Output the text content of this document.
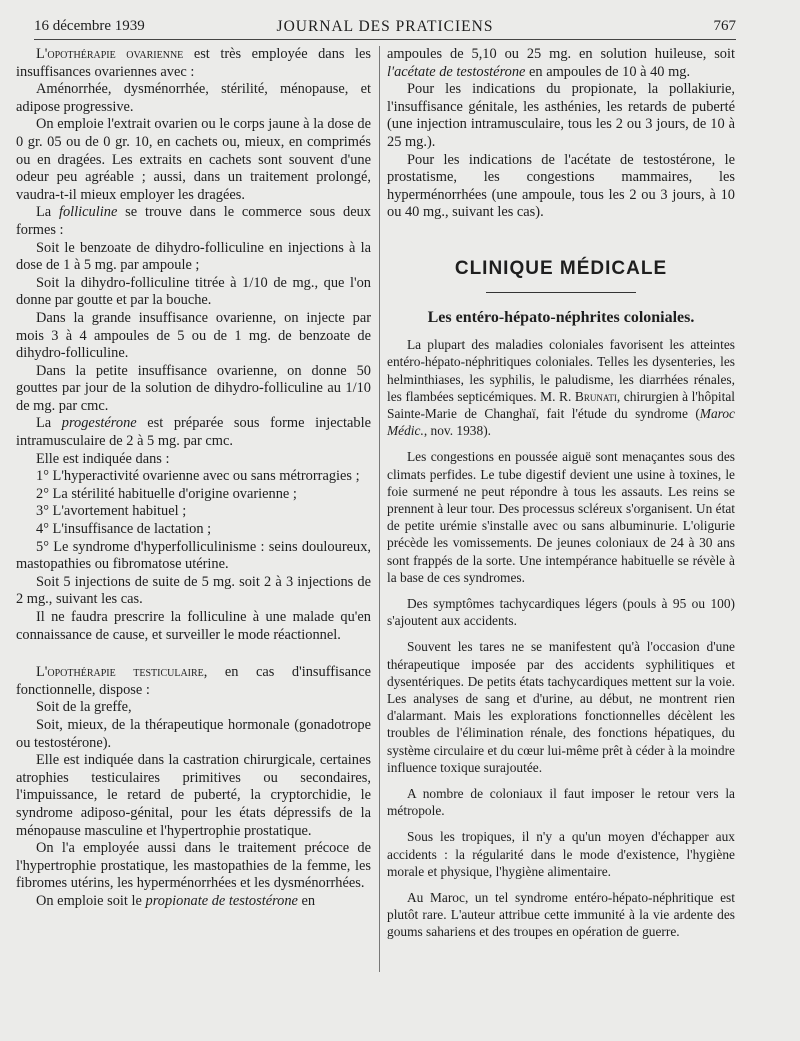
16 décembre 1939	JOURNAL DES PRATICIENS	767

L'opothérapie ovarienne est très employée dans les insuffisances ovariennes avec :

Aménorrhée, dysménorrhée, stérilité, ménopause, et adipose progressive.

On emploie l'extrait ovarien ou le corps jaune à la dose de 0 gr. 05 ou de 0 gr. 10, en cachets ou, mieux, en comprimés ou en dragées. Les extraits en cachets sont souvent d'une odeur peu agréable ; aussi, dans un traitement prolongé, vaudra-t-il mieux employer les dragées.

La folliculine se trouve dans le commerce sous deux formes :

Soit le benzoate de dihydro-folliculine en injections à la dose de 1 à 5 mg. par ampoule ;

Soit la dihydro-folliculine titrée à 1/10 de mg., que l'on donne par goutte et par la bouche.

Dans la grande insuffisance ovarienne, on injecte par mois 3 à 4 ampoules de 5 ou de 1 mg. de benzoate de dihydro-folliculine.

Dans la petite insuffisance ovarienne, on donne 50 gouttes par jour de la solution de dihydro-folliculine au 1/10 de mg. par cmc.

La progestérone est préparée sous forme injectable intramusculaire de 2 à 5 mg. par cmc.

Elle est indiquée dans :

1° L'hyperactivité ovarienne avec ou sans métrorragies ;

2° La stérilité habituelle d'origine ovarienne ;

3° L'avortement habituel ;

4° L'insuffisance de lactation ;

5° Le syndrome d'hyperfolliculinisme : seins douloureux, mastopathies ou fibromatose utérine.

Soit 5 injections de suite de 5 mg. soit 2 à 3 injections de 2 mg., suivant les cas.

Il ne faudra prescrire la folliculine à une malade qu'en connaissance de cause, et surveiller le mode réactionnel.

L'opothérapie testiculaire, en cas d'insuffisance fonctionnelle, dispose :

Soit de la greffe,

Soit, mieux, de la thérapeutique hormonale (gonadotrope ou testostérone).

Elle est indiquée dans la castration chirurgicale, certaines atrophies testiculaires primitives ou secondaires, l'impuissance, le retard de puberté, la cryptorchidie, le syndrome adiposo-génital, pour les états dépressifs de la ménopause masculine et l'hypertrophie prostatique.

On l'a employée aussi dans le traitement précoce de l'hypertrophie prostatique, les mastopathies de la femme, les fibromes utérins, les hyperménorrhées et les dysménorrhées.

On emploie soit le propionate de testostérone en

ampoules de 5,10 ou 25 mg. en solution huileuse, soit l'acétate de testostérone en ampoules de 10 à 40 mg.

Pour les indications du propionate, la pollakiurie, l'insuffisance génitale, les asthénies, les retards de puberté (une injection intramusculaire, tous les 2 ou 3 jours, de 10 à 25 mg.).

Pour les indications de l'acétate de testostérone, le prostatisme, les congestions mammaires, les hyperménorrhées (une ampoule, tous les 2 ou 3 jours, à 10 ou 40 mg., suivant les cas).

CLINIQUE MÉDICALE
Les entéro-hépato-néphrites coloniales.

La plupart des maladies coloniales favorisent les atteintes entéro-hépato-néphritiques coloniales. Telles les dysenteries, les helminthiases, les syphilis, le paludisme, les diarrhées rénales, les flambées septicémiques. M. R. Brunati, chirurgien à l'hôpital Sainte-Marie de Changhaï, fait l'étude du syndrome (Maroc Médic., nov. 1938).

Les congestions en poussée aiguë sont menaçantes sous des climats perfides. Le tube digestif devient une usine à toxines, le foie surmené ne peut répondre à tous les assauts. Les reins se prennent à leur tour. Des processus scléreux s'organisent. Un état de petite urémie s'installe avec ou sans albuminurie. L'oligurie précède les vomissements. De jeunes coloniaux de 24 à 30 ans sont frappés de la sorte. Une intempérance habituelle se révèle à la base de ces syndromes.

Des symptômes tachycardiques légers (pouls à 95 ou 100) s'ajoutent aux accidents.

Souvent les tares ne se manifestent qu'à l'occasion d'une thérapeutique imposée par des accidents syphilitiques et dysentériques. De petits états tachycardiques mettent sur la voie. Les analyses de sang et d'urine, au début, ne montrent rien d'alarmant. Mais les explorations fonctionnelles décèlent les troubles de l'élimination rénale, des fonctions hépatiques, du système circulaire et du cœur lui-même prêt à céder à la moindre influence toxique surajoutée.

A nombre de coloniaux il faut imposer le retour vers la métropole.

Sous les tropiques, il n'y a qu'un moyen d'échapper aux accidents : la régularité dans le mode d'existence, l'hygiène morale et physique, l'hygiène alimentaire.

Au Maroc, un tel syndrome entéro-hépato-néphritique est plutôt rare. L'auteur attribue cette immunité à la vie ardente des goums sahariens et des troupes en opération de guerre.
